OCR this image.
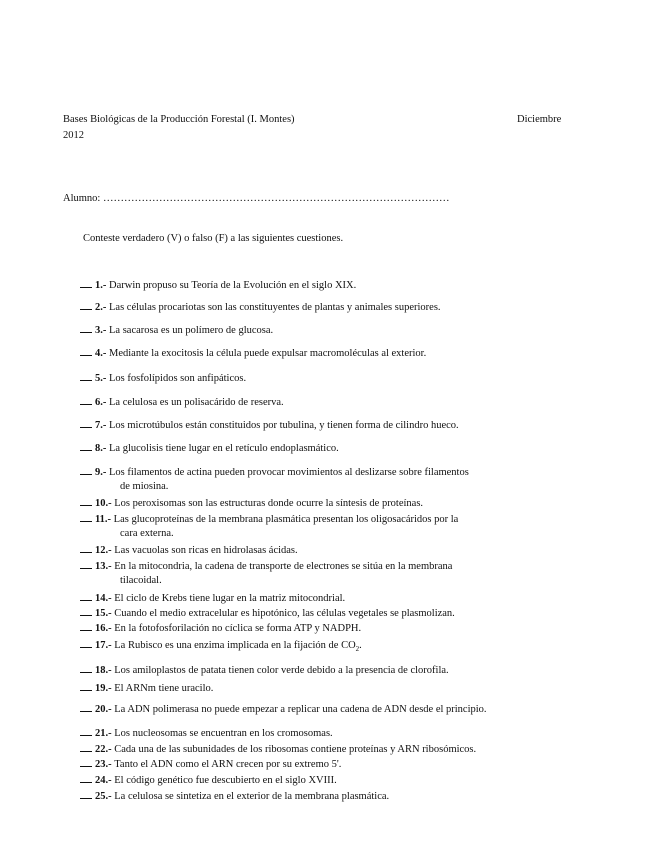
Bases Biológicas de la Producción Forestal (I. Montes)	Diciembre
2012
Alumno: ………………………………………………………………………………………
Conteste verdadero (V) o falso (F) a las siguientes cuestiones.
1.- Darwin propuso su Teoría de la Evolución en el siglo XIX.
2.- Las células procariotas son las constituyentes de plantas y animales superiores.
3.- La sacarosa es un polímero de glucosa.
4.- Mediante la exocitosis la célula puede expulsar macromoléculas al exterior.
5.- Los fosfolípidos son anfipáticos.
6.- La celulosa es un polisacárido de reserva.
7.- Los microtúbulos están constituidos por tubulina, y tienen forma de cilindro hueco.
8.- La glucolisis tiene lugar en el retículo endoplasmático.
9.- Los filamentos de actina pueden provocar movimientos al deslizarse sobre filamentos
de miosina.
10.- Los peroxisomas son las estructuras donde ocurre la síntesis de proteínas.
11.- Las glucoproteínas de la membrana plasmática presentan los oligosacáridos por la
cara externa.
12.- Las vacuolas son ricas en hidrolasas ácidas.
13.- En la mitocondria, la cadena de transporte de electrones se sitúa en la membrana
tilacoidal.
14.- El ciclo de Krebs tiene lugar en la matriz mitocondrial.
15.- Cuando el medio extracelular es hipotónico, las células vegetales se plasmolizan.
16.- En la fotofosforilación no cíclica se forma ATP y NADPH.
17.- La Rubisco es una enzima implicada en la fijación de $CO_2$.
18.- Los amiloplastos de patata tienen color verde debido a la presencia de clorofila.
19.- El ARNm tiene uracilo.
20.- La ADN polimerasa no puede empezar a replicar una cadena de ADN desde el principio.
21.- Los nucleosomas se encuentran en los cromosomas.
22.- Cada una de las subunidades de los ribosomas contiene proteínas y ARN ribosómicos.
23.- Tanto el ADN como el ARN crecen por su extremo 5'.
24.- El código genético fue descubierto en el siglo XVIII.
25.- La celulosa se sintetiza en el exterior de la membrana plasmática.
